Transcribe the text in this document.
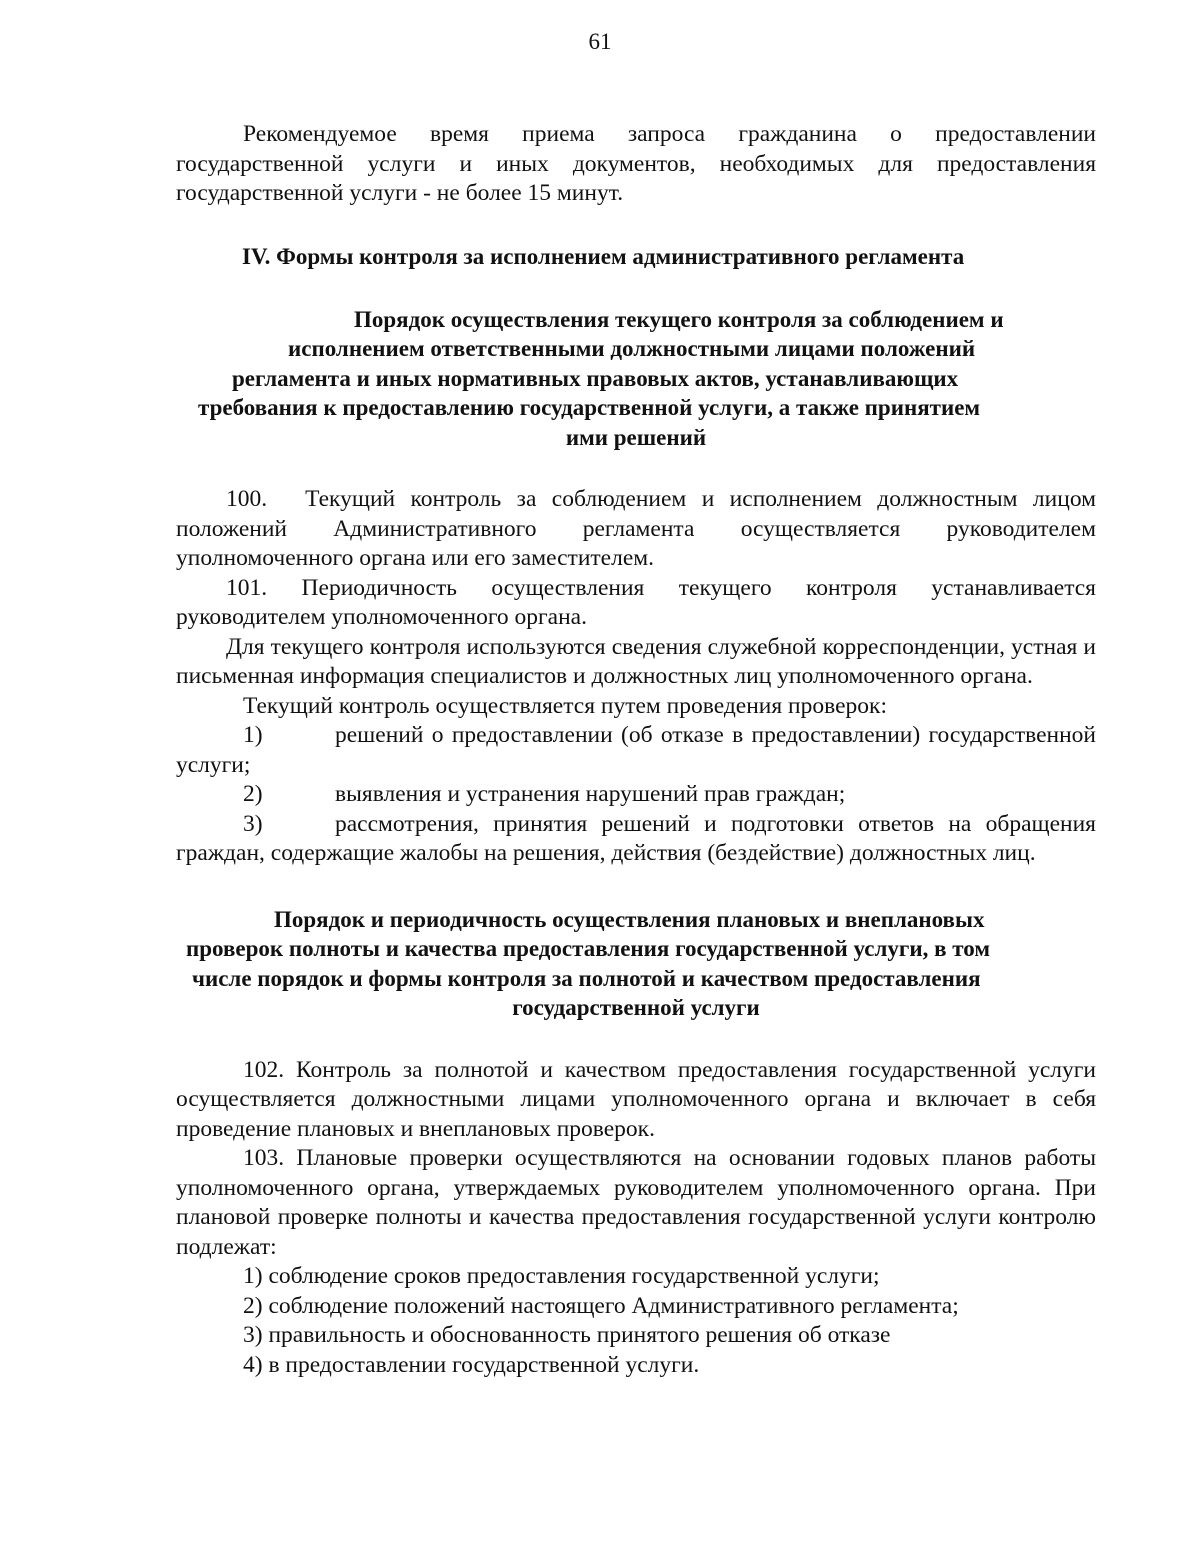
61

Рекомендуемое время приема запроса гражданина о предоставлении государственной услуги и иных документов, необходимых для предоставления государственной услуги - не более 15 минут.

IV. Формы контроля за исполнением административного регламента

Порядок осуществления текущего контроля за соблюдением и
исполнением ответственными должностными лицами положений
регламента и иных нормативных правовых актов, устанавливающих
требования к предоставлению государственной услуги, а также принятием
ими решений

100. Текущий контроль за соблюдением и исполнением должностным лицом положений Административного регламента осуществляется руководителем уполномоченного органа или его заместителем.

101. Периодичность осуществления текущего контроля устанавливается руководителем уполномоченного органа.

Для текущего контроля используются сведения служебной корреспонденции, устная и письменная информация специалистов и должностных лиц уполномоченного органа.

Текущий контроль осуществляется путем проведения проверок:

1)	решений о предоставлении (об отказе в предоставлении) государственной услуги;

2)	выявления и устранения нарушений прав граждан;

3)	рассмотрения, принятия решений и подготовки ответов на обращения граждан, содержащие жалобы на решения, действия (бездействие) должностных лиц.

Порядок и периодичность осуществления плановых и внеплановых
проверок полноты и качества предоставления государственной услуги, в том
числе порядок и формы контроля за полнотой и качеством предоставления
государственной услуги

102. Контроль за полнотой и качеством предоставления государственной услуги осуществляется должностными лицами уполномоченного органа и включает в себя проведение плановых и внеплановых проверок.

103. Плановые проверки осуществляются на основании годовых планов работы уполномоченного органа, утверждаемых руководителем уполномоченного органа. При плановой проверке полноты и качества предоставления государственной услуги контролю подлежат:

1) соблюдение сроков предоставления государственной услуги;

2) соблюдение положений настоящего Административного регламента;

3) правильность и обоснованность принятого решения об отказе

4) в предоставлении государственной услуги.
